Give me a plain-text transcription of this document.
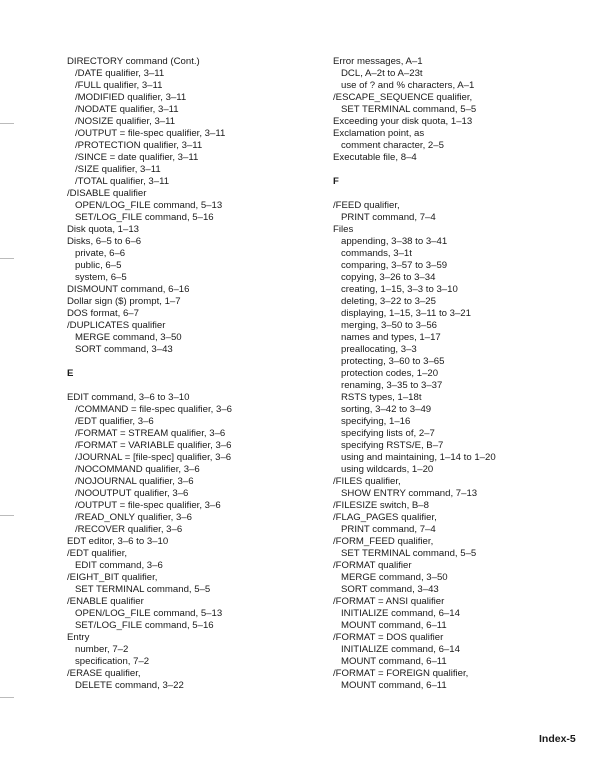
DIRECTORY command (Cont.)
/DATE qualifier, 3–11
/FULL qualifier, 3–11
/MODIFIED qualifier, 3–11
/NODATE qualifier, 3–11
/NOSIZE qualifier, 3–11
/OUTPUT = file-spec qualifier, 3–11
/PROTECTION qualifier, 3–11
/SINCE = date qualifier, 3–11
/SIZE qualifier, 3–11
/TOTAL qualifier, 3–11
/DISABLE qualifier
OPEN/LOG_FILE command, 5–13
SET/LOG_FILE command, 5–16
Disk quota, 1–13
Disks, 6–5 to 6–6
private, 6–6
public, 6–5
system, 6–5
DISMOUNT command, 6–16
Dollar sign ($) prompt, 1–7
DOS format, 6–7
/DUPLICATES qualifier
MERGE command, 3–50
SORT command, 3–43
E
EDIT command, 3–6 to 3–10
/COMMAND = file-spec qualifier, 3–6
/EDT qualifier, 3–6
/FORMAT = STREAM qualifier, 3–6
/FORMAT = VARIABLE qualifier, 3–6
/JOURNAL = [file-spec] qualifier, 3–6
/NOCOMMAND qualifier, 3–6
/NOJOURNAL qualifier, 3–6
/NOOUTPUT qualifier, 3–6
/OUTPUT = file-spec qualifier, 3–6
/READ_ONLY qualifier, 3–6
/RECOVER qualifier, 3–6
EDT editor, 3–6 to 3–10
/EDT qualifier,
EDIT command, 3–6
/EIGHT_BIT qualifier,
SET TERMINAL command, 5–5
/ENABLE qualifier
OPEN/LOG_FILE command, 5–13
SET/LOG_FILE command, 5–16
Entry
number, 7–2
specification, 7–2
/ERASE qualifier,
DELETE command, 3–22
Error messages, A–1
DCL, A–2t to A–23t
use of ? and % characters, A–1
/ESCAPE_SEQUENCE qualifier,
SET TERMINAL command, 5–5
Exceeding your disk quota, 1–13
Exclamation point, as
comment character, 2–5
Executable file, 8–4
F
/FEED qualifier,
PRINT command, 7–4
Files
appending, 3–38 to 3–41
commands, 3–1t
comparing, 3–57 to 3–59
copying, 3–26 to 3–34
creating, 1–15, 3–3 to 3–10
deleting, 3–22 to 3–25
displaying, 1–15, 3–11 to 3–21
merging, 3–50 to 3–56
names and types, 1–17
preallocating, 3–3
protecting, 3–60 to 3–65
protection codes, 1–20
renaming, 3–35 to 3–37
RSTS types, 1–18t
sorting, 3–42 to 3–49
specifying, 1–16
specifying lists of, 2–7
specifying RSTS/E, B–7
using and maintaining, 1–14 to 1–20
using wildcards, 1–20
/FILES qualifier,
SHOW ENTRY command, 7–13
/FILESIZE switch, B–8
/FLAG_PAGES qualifier,
PRINT command, 7–4
/FORM_FEED qualifier,
SET TERMINAL command, 5–5
/FORMAT qualifier
MERGE command, 3–50
SORT command, 3–43
/FORMAT = ANSI qualifier
INITIALIZE command, 6–14
MOUNT command, 6–11
/FORMAT = DOS qualifier
INITIALIZE command, 6–14
MOUNT command, 6–11
/FORMAT = FOREIGN qualifier,
MOUNT command, 6–11
Index-5
